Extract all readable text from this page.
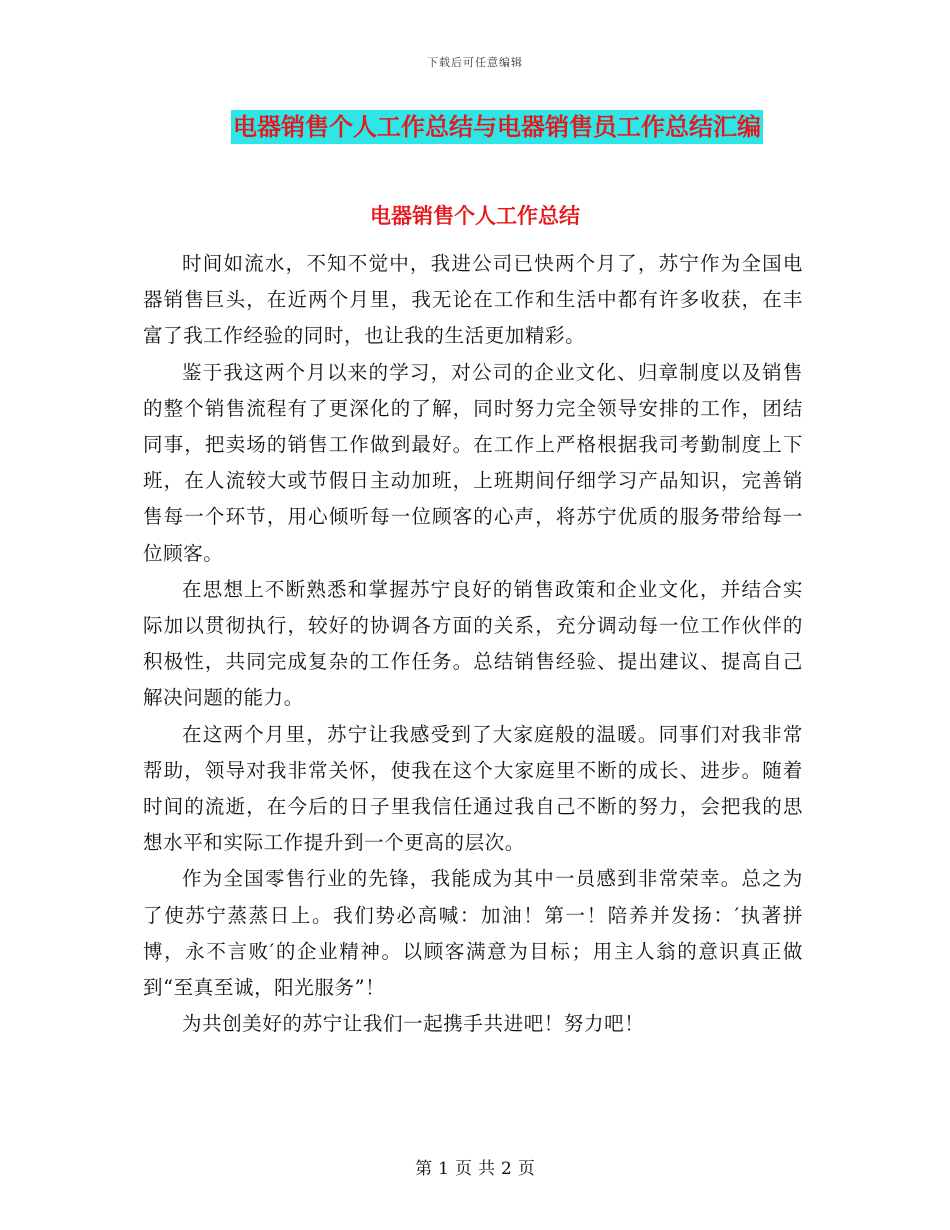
下载后可任意编辑
电器销售个人工作总结与电器销售员工作总结汇编
电器销售个人工作总结

时间如流水，不知不觉中，我进公司已快两个月了，苏宁作为全国电器销售巨头，在近两个月里，我无论在工作和生活中都有许多收获，在丰富了我工作经验的同时，也让我的生活更加精彩。

鉴于我这两个月以来的学习，对公司的企业文化、归章制度以及销售的整个销售流程有了更深化的了解，同时努力完全领导安排的工作，团结同事，把卖场的销售工作做到最好。在工作上严格根据我司考勤制度上下班，在人流较大或节假日主动加班，上班期间仔细学习产品知识，完善销售每一个环节，用心倾听每一位顾客的心声，将苏宁优质的服务带给每一位顾客。

在思想上不断熟悉和掌握苏宁良好的销售政策和企业文化，并结合实际加以贯彻执行，较好的协调各方面的关系，充分调动每一位工作伙伴的积极性，共同完成复杂的工作任务。总结销售经验、提出建议、提高自己解决问题的能力。

在这两个月里，苏宁让我感受到了大家庭般的温暖。同事们对我非常帮助，领导对我非常关怀，使我在这个大家庭里不断的成长、进步。随着时间的流逝，在今后的日子里我信任通过我自己不断的努力，会把我的思想水平和实际工作提升到一个更高的层次。

作为全国零售行业的先锋，我能成为其中一员感到非常荣幸。总之为了使苏宁蒸蒸日上。我们势必高喊：加油！第一！陪养并发扬：′执著拼博，永不言败′的企业精神。以顾客满意为目标；用主人翁的意识真正做到“至真至诚，阳光服务”！

为共创美好的苏宁让我们一起携手共进吧！努力吧！

第 1 页 共 2 页
